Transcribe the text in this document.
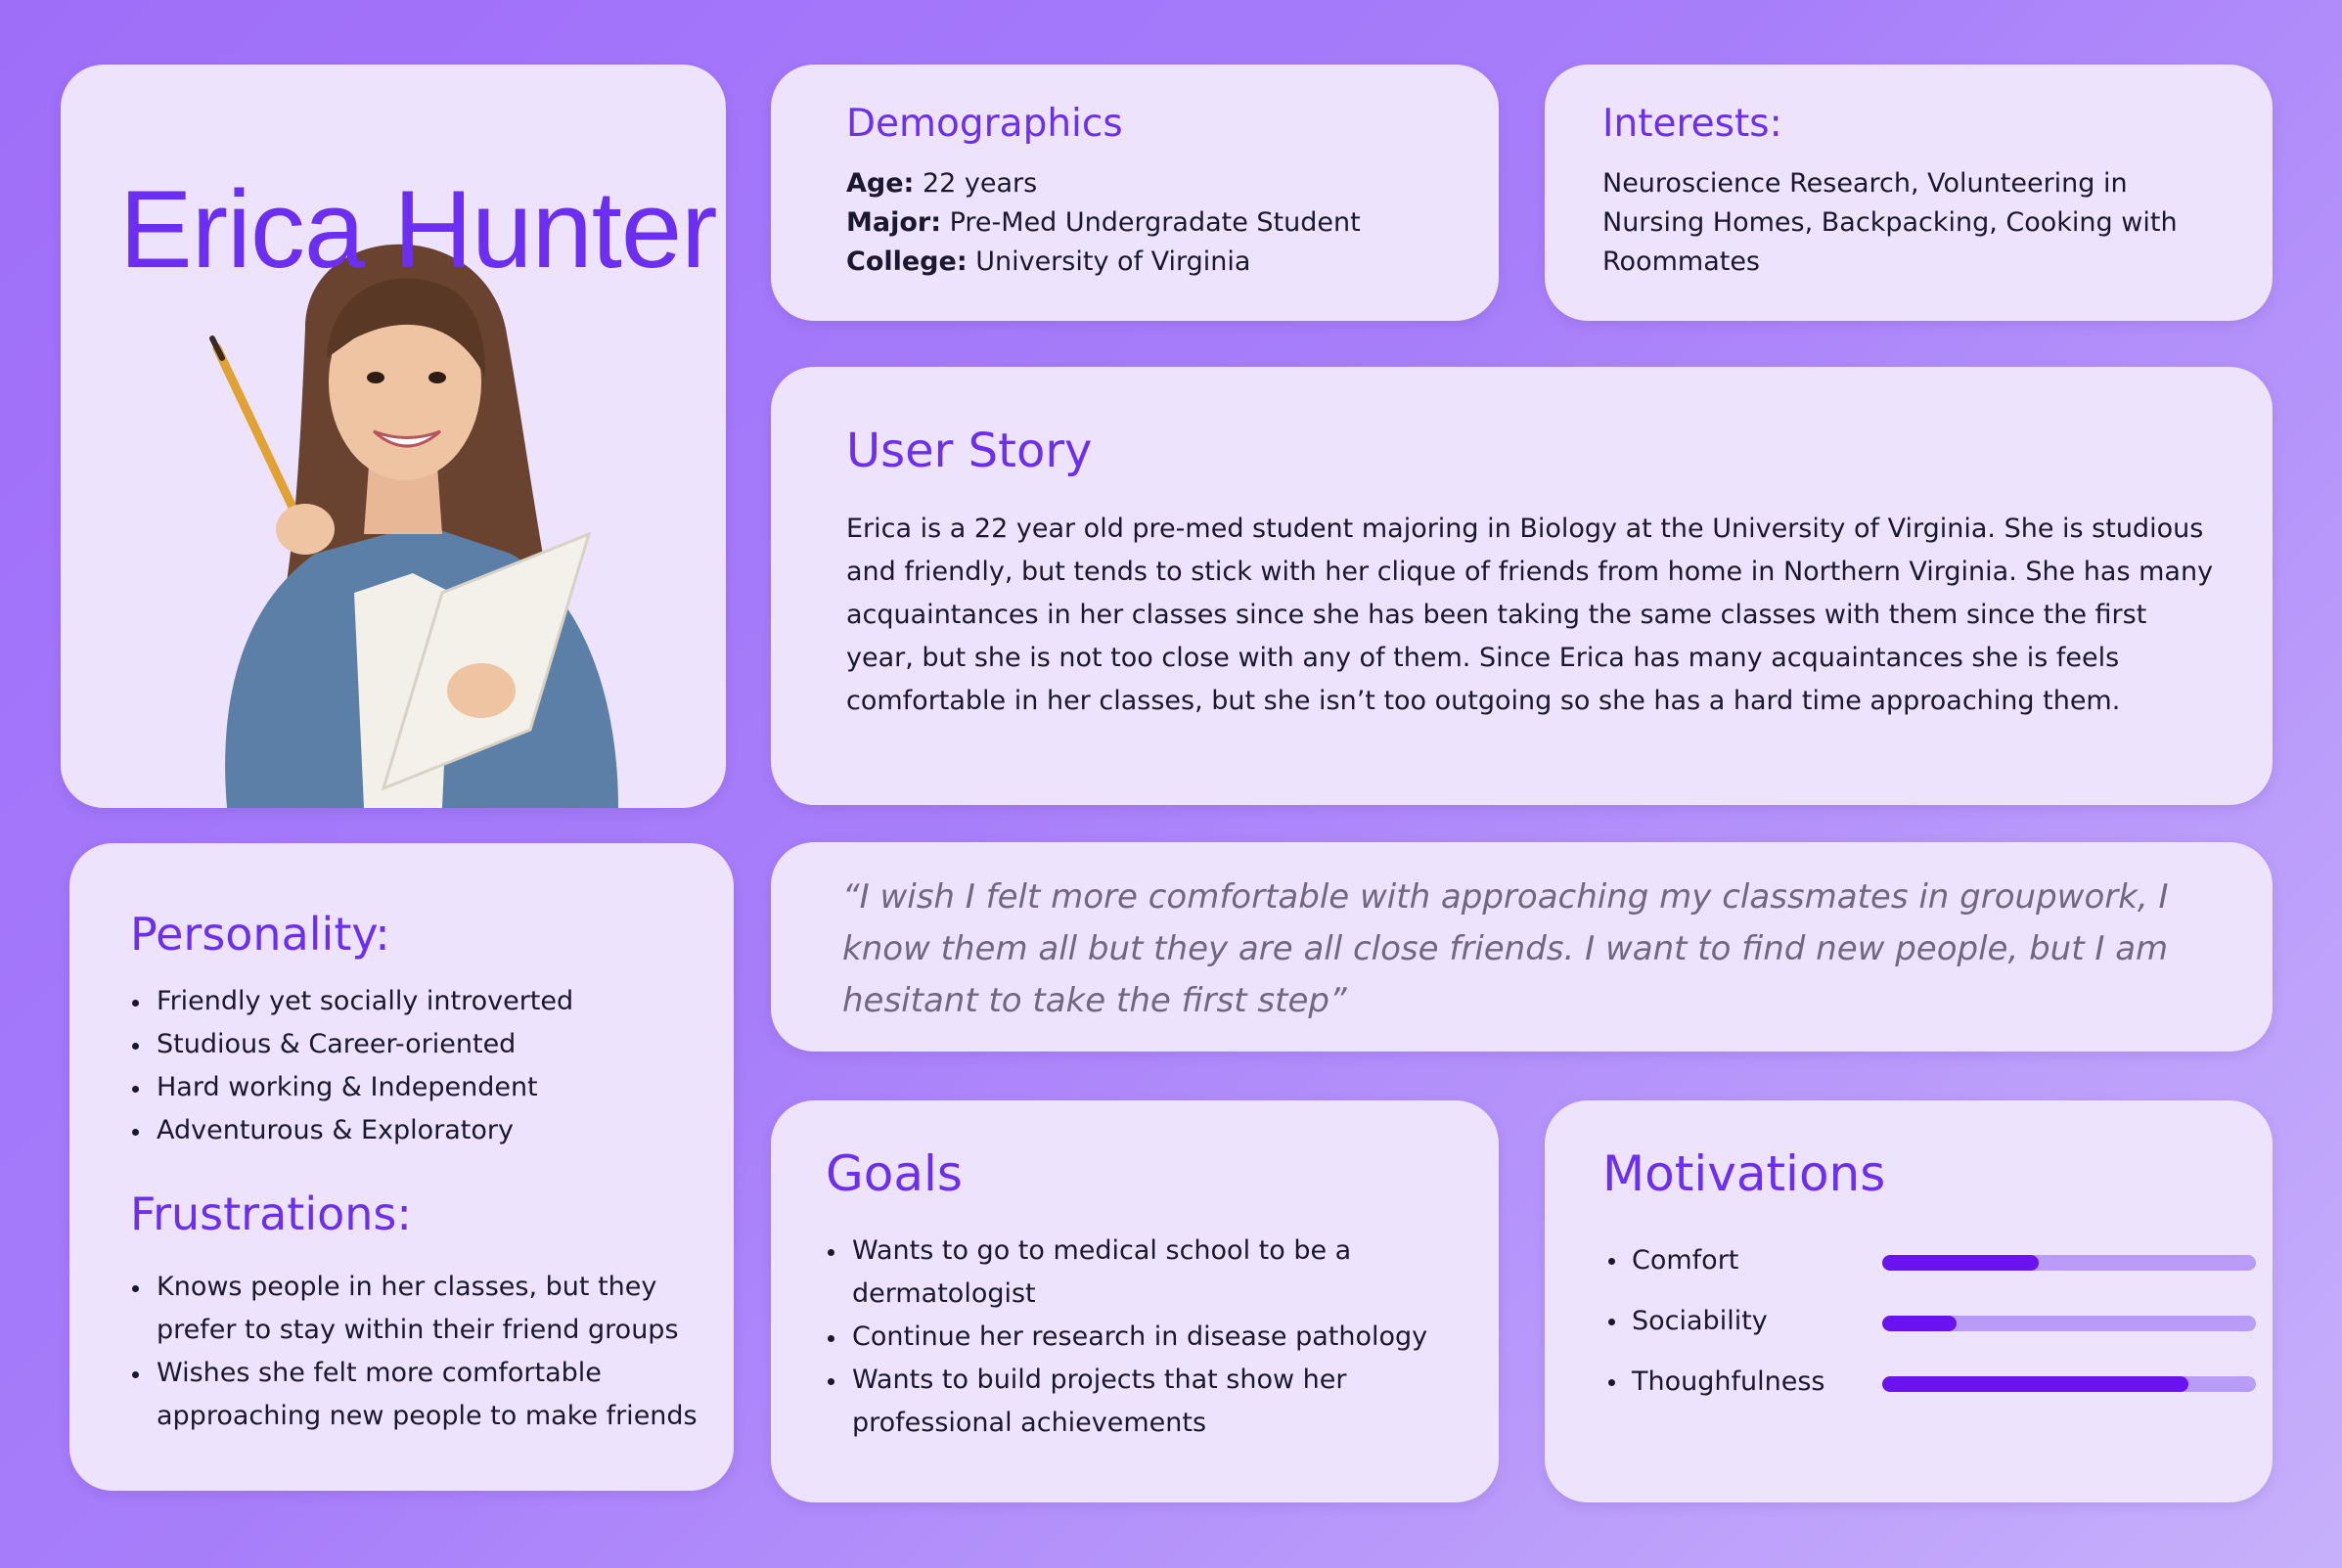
Erica Hunter
Demographics
Age: 22 years
Major: Pre-Med Undergradate Student
College: University of Virginia
Interests:

Neuroscience Research, Volunteering in Nursing Homes, Backpacking, Cooking with Roommates

User Story

Erica is a 22 year old pre-med student majoring in Biology at the University of Virginia. She is studious and friendly, but tends to stick with her clique of friends from home in Northern Virginia. She has many acquaintances in her classes since she has been taking the same classes with them since the first year, but she is not too close with any of them. Since Erica has many acquaintances she is feels comfortable in her classes, but she isn’t too outgoing so she has a hard time approaching them.

“I wish I felt more comfortable with approaching my classmates in groupwork, I know them all but they are all close friends. I want to find new people, but I am hesitant to take the first step”

Personality:
Friendly yet socially introverted
Studious & Career-oriented
Hard working & Independent
Adventurous & Exploratory
Frustrations:
Knows people in her classes, but they prefer to stay within their friend groups
Wishes she felt more comfortable approaching new people to make friends
Goals
Wants to go to medical school to be a dermatologist
Continue her research in disease pathology
Wants to build projects that show her professional achievements
Motivations
Comfort
Sociability
Thoughfulness
